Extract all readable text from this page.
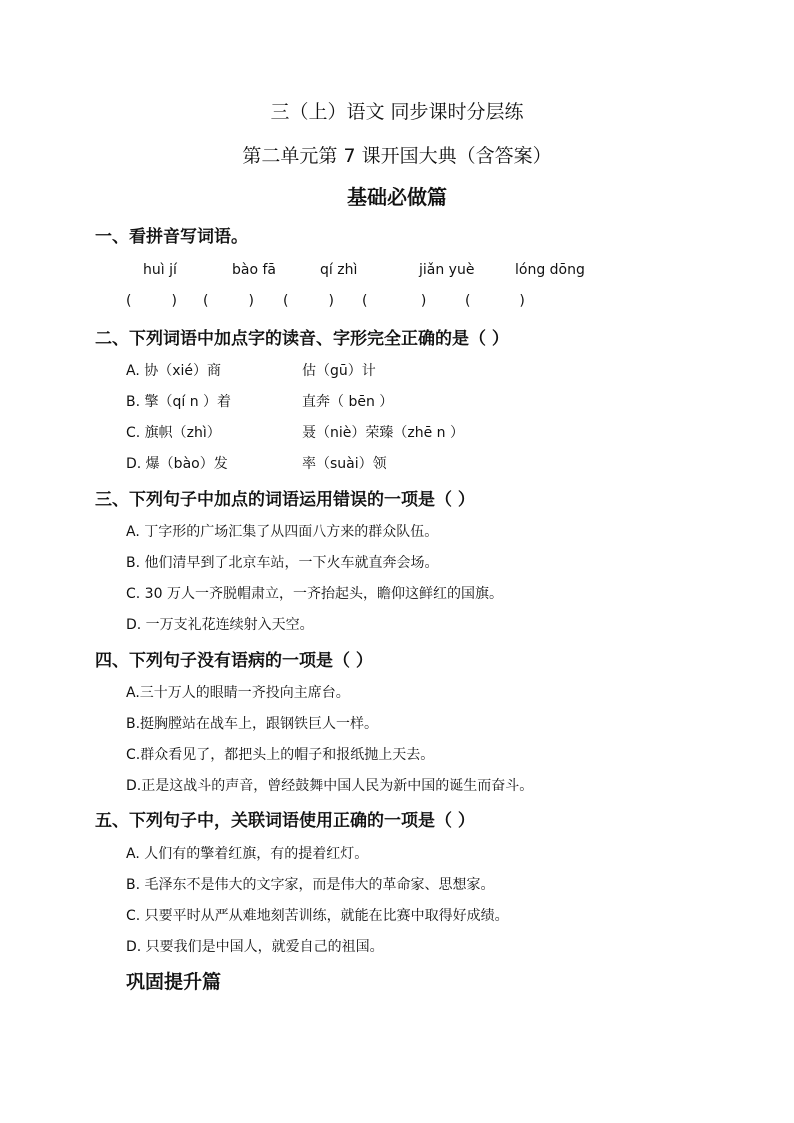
三（上）语文 同步课时分层练
第二单元第 7 课开国大典（含答案）
基础必做篇
一、看拼音写词语。
huì jí	bào fā	qí zhì	jiǎn yuè	lóng dōng
(         ) (         ) (         ) (            )	(           )
二、下列词语中加点字的读音、字形完全正确的是（ ）
A. 协（xié）商	估（gū）计
B. 擎（qí n ）着	直奔（ bēn ）
C. 旗帜（zhì）	聂（niè）荣臻（zhē n ）
D. 爆（bào）发	率（suài）领
三、下列句子中加点的词语运用错误的一项是（ ）
A. 丁字形的广场汇集了从四面八方来的群众队伍。
B. 他们清早到了北京车站，一下火车就直奔会场。
C. 30 万人一齐脱帽肃立，一齐抬起头，瞻仰这鲜红的国旗。
D. 一万支礼花连续射入天空。
四、下列句子没有语病的一项是（ ）
A.三十万人的眼睛一齐投向主席台。
B.挺胸膛站在战车上，跟钢铁巨人一样。
C.群众看见了，都把头上的帽子和报纸抛上天去。
D.正是这战斗的声音，曾经鼓舞中国人民为新中国的诞生而奋斗。
五、下列句子中，关联词语使用正确的一项是（ ）
A. 人们有的擎着红旗，有的提着红灯。
B. 毛泽东不是伟大的文字家，而是伟大的革命家、思想家。
C. 只要平时从严从难地刻苦训练，就能在比赛中取得好成绩。
D. 只要我们是中国人，就爱自己的祖国。
巩固提升篇
